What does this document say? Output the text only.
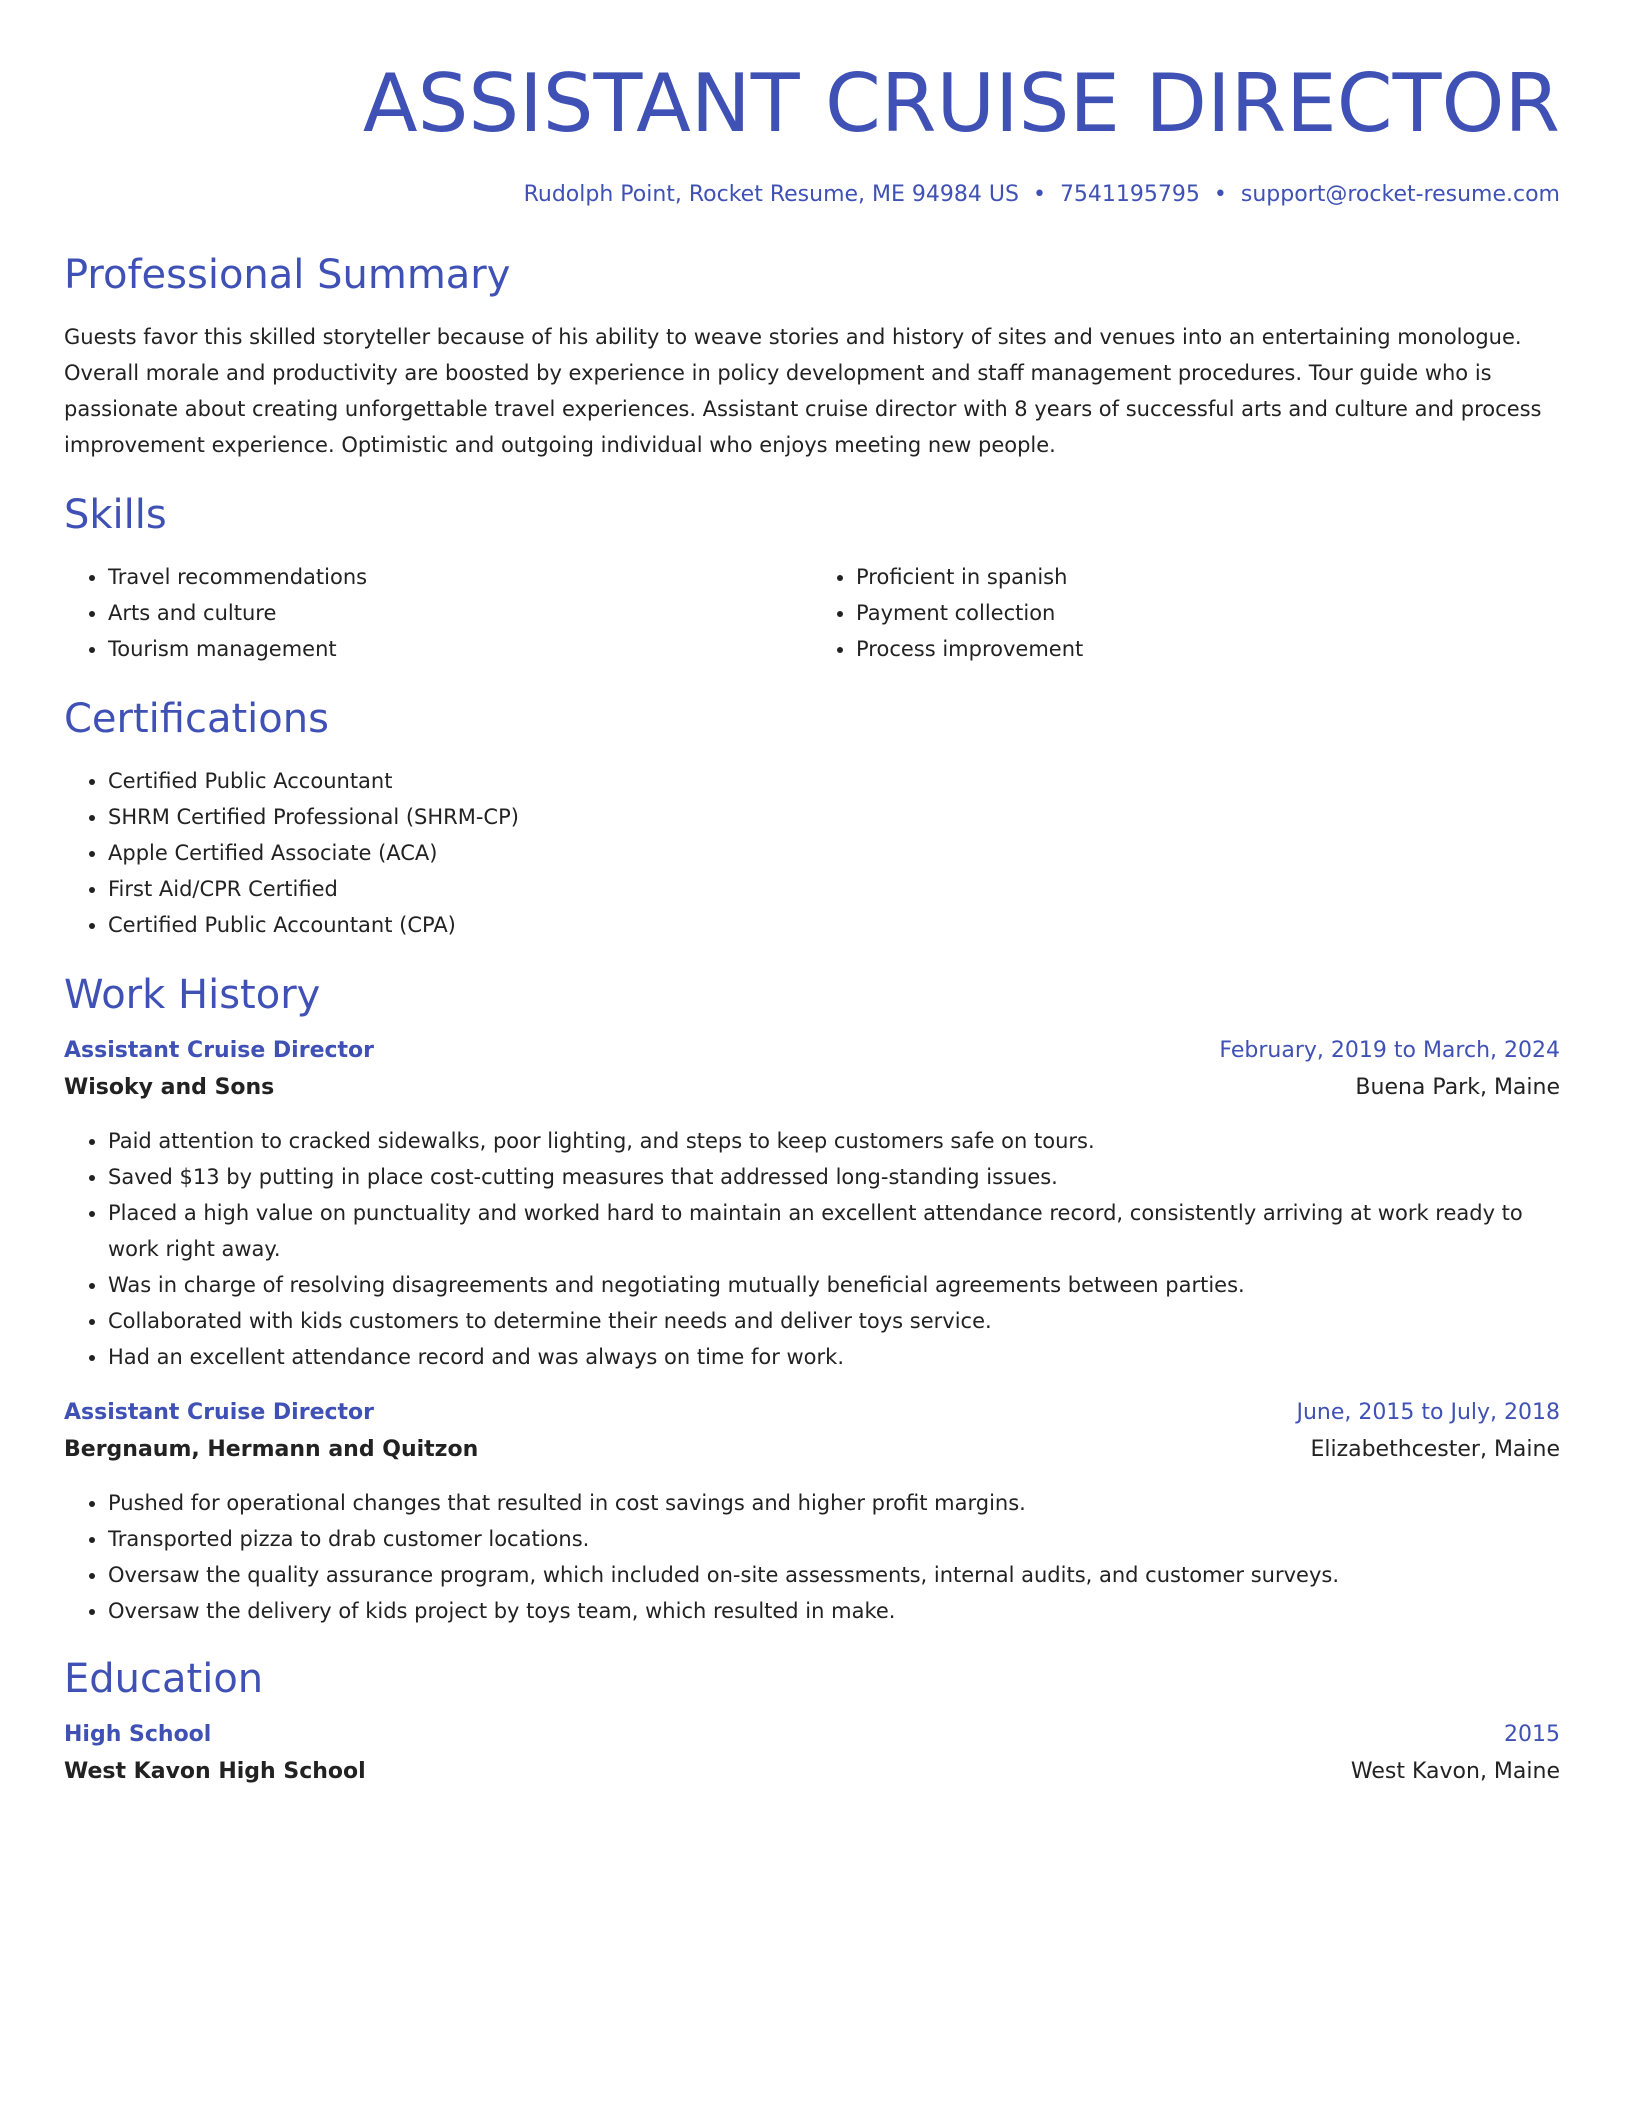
ASSISTANT CRUISE DIRECTOR
Rudolph Point, Rocket Resume, ME 94984 US • 7541195795 • support@rocket-resume.com
Professional Summary

Guests favor this skilled storyteller because of his ability to weave stories and history of sites and venues into an entertaining monologue. Overall morale and productivity are boosted by experience in policy development and staff management procedures. Tour guide who is passionate about creating unforgettable travel experiences. Assistant cruise director with 8 years of successful arts and culture and process improvement experience. Optimistic and outgoing individual who enjoys meeting new people.

Skills
• Travel recommendations
• Arts and culture
• Tourism management
• Proficient in spanish
• Payment collection
• Process improvement
Certifications
• Certified Public Accountant
• SHRM Certified Professional (SHRM-CP)
• Apple Certified Associate (ACA)
• First Aid/CPR Certified
• Certified Public Accountant (CPA)
Work History
Assistant Cruise Director	February, 2019 to March, 2024
Wisoky and Sons	Buena Park, Maine
• Paid attention to cracked sidewalks, poor lighting, and steps to keep customers safe on tours.
• Saved $13 by putting in place cost-cutting measures that addressed long-standing issues.
• Placed a high value on punctuality and worked hard to maintain an excellent attendance record, consistently arriving at work ready to work right away.
• Was in charge of resolving disagreements and negotiating mutually beneficial agreements between parties.
• Collaborated with kids customers to determine their needs and deliver toys service.
• Had an excellent attendance record and was always on time for work.
Assistant Cruise Director	June, 2015 to July, 2018
Bergnaum, Hermann and Quitzon	Elizabethcester, Maine
• Pushed for operational changes that resulted in cost savings and higher profit margins.
• Transported pizza to drab customer locations.
• Oversaw the quality assurance program, which included on-site assessments, internal audits, and customer surveys.
• Oversaw the delivery of kids project by toys team, which resulted in make.
Education
High School	2015
West Kavon High School	West Kavon, Maine
